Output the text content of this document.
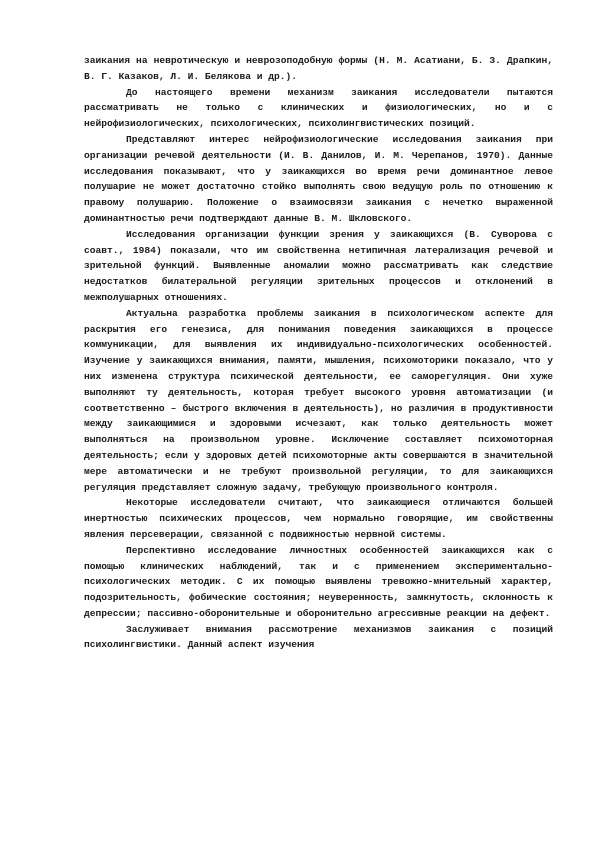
заикания на невротическую и неврозоподобную формы (Н. М. Асатиани, Б. З. Драпкин, В. Г. Казаков, Л. И. Белякова и др.).

До настоящего времени механизм заикания исследователи пытаются рассматривать не только с клинических и физиологических, но и с нейрофизиологических, психологических, психолингвистических позиций.

Представляют интерес нейрофизиологические исследования заикания при организации речевой деятельности (И. В. Данилов, И. М. Черепанов, 1970). Данные исследования показывают, что у заикающихся во время речи доминантное левое полушарие не может достаточно стойко выполнять свою ведущую роль по отношению к правому полушарию. Положение о взаимосвязи заикания с нечетко выраженной доминантностью речи подтверждают данные В. М. Шкловского.

Исследования организации функции зрения у заикающихся (В. Суворова с соавт., 1984) показали, что им свойственна нетипичная латерализация речевой и зрительной функций. Выявленные аномалии можно рассматривать как следствие недостатков билатеральной регуляции зрительных процессов и отклонений в межполушарных отношениях.

Актуальна разработка проблемы заикания в психологическом аспекте для раскрытия его генезиса, для понимания поведения заикающихся в процессе коммуникации, для выявления их индивидуально-психологических особенностей. Изучение у заикающихся внимания, памяти, мышления, психомоторики показало, что у них изменена структура психической деятельности, ее саморегуляция. Они хуже выполняют ту деятельность, которая требует высокого уровня автоматизации (и соответственно – быстрого включения в деятельность), но различия в продуктивности между заикающимися и здоровыми исчезают, как только деятельность может выполняться на произвольном уровне. Исключение составляет психомоторная деятельность; если у здоровых детей психомоторные акты совершаются в значительной мере автоматически и не требуют произвольной регуляции, то для заикающихся регуляция представляет сложную задачу, требующую произвольного контроля.

Некоторые исследователи считают, что заикающиеся отличаются большей инертностью психических процессов, чем нормально говорящие, им свойственны явления персеверации, связанной с подвижностью нервной системы.

Перспективно исследование личностных особенностей заикающихся как с помощью клинических наблюдений, так и с применением экспериментально-психологических методик. С их помощью выявлены тревожно-мнительный характер, подозрительность, фобические состояния; неуверенность, замкнутость, склонность к депрессии; пассивно-оборонительные и оборонительно агрессивные реакции на дефект.

Заслуживает внимания рассмотрение механизмов заикания с позиций психолингвистики. Данный аспект изучения
